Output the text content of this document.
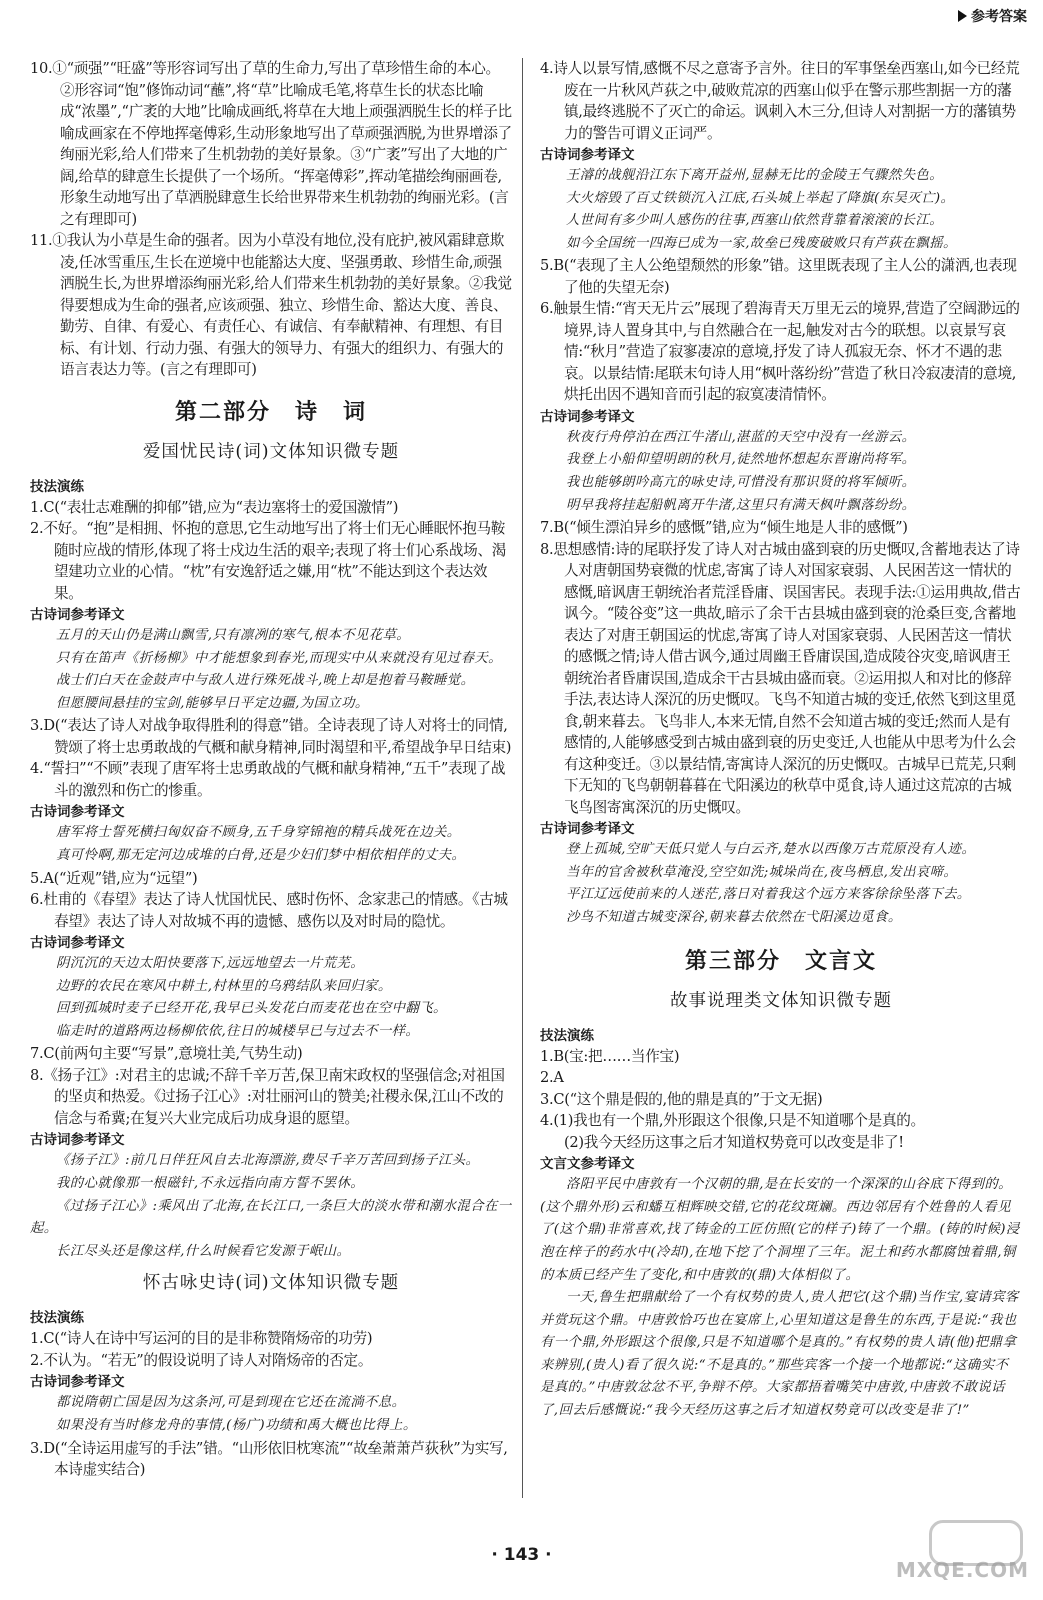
参考答案

10.①“顽强”“旺盛”等形容词写出了草的生命力,写出了草珍惜生命的本心。②形容词“饱”修饰动词“蘸”,将“草”比喻成毛笔,将草生长的状态比喻成“浓墨”,“广袤的大地”比喻成画纸,将草在大地上顽强洒脱生长的样子比喻成画家在不停地挥毫傅彩,生动形象地写出了草顽强洒脱,为世界增添了绚丽光彩,给人们带来了生机勃勃的美好景象。③“广袤”写出了大地的广阔,给草的肆意生长提供了一个场所。“挥毫傅彩”,挥动笔描绘绚丽画卷,形象生动地写出了草洒脱肆意生长给世界带来生机勃勃的绚丽光彩。(言之有理即可)

11.①我认为小草是生命的强者。因为小草没有地位,没有庇护,被风霜肆意欺凌,任冰雪重压,生长在逆境中也能豁达大度、坚强勇敢、珍惜生命,顽强洒脱生长,为世界增添绚丽光彩,给人们带来生机勃勃的美好景象。②我觉得要想成为生命的强者,应该顽强、独立、珍惜生命、豁达大度、善良、勤劳、自律、有爱心、有责任心、有诚信、有奉献精神、有理想、有目标、有计划、行动力强、有强大的领导力、有强大的组织力、有强大的语言表达力等。(言之有理即可)

第二部分　诗　词
爱国忧民诗(词)文体知识微专题

技法演练

1.C(“表壮志难酬的抑郁”错,应为“表边塞将士的爱国激情”)

2.不好。“抱”是相拥、怀抱的意思,它生动地写出了将士们无心睡眠怀抱马鞍随时应战的情形,体现了将士戍边生活的艰辛;表现了将士们心系战场、渴望建功立业的心情。“枕”有安逸舒适之嫌,用“枕”不能达到这个表达效果。

古诗词参考译文

五月的天山仍是满山飘雪,只有凛冽的寒气,根本不见花草。

只有在笛声《折杨柳》中才能想象到春光,而现实中从来就没有见过春天。

战士们白天在金鼓声中与敌人进行殊死战斗,晚上却是抱着马鞍睡觉。

但愿腰间悬挂的宝剑,能够早日平定边疆,为国立功。

3.D(“表达了诗人对战争取得胜利的得意”错。全诗表现了诗人对将士的同情,赞颂了将士忠勇敢战的气概和献身精神,同时渴望和平,希望战争早日结束)

4.“誓扫”“不顾”表现了唐军将士忠勇敢战的气概和献身精神,“五千”表现了战斗的激烈和伤亡的惨重。

古诗词参考译文

唐军将士誓死横扫匈奴奋不顾身,五千身穿锦袍的精兵战死在边关。

真可怜啊,那无定河边成堆的白骨,还是少妇们梦中相依相伴的丈夫。

5.A(“近观”错,应为“远望”)

6.杜甫的《春望》表达了诗人忧国忧民、感时伤怀、念家悲己的情感。《古城春望》表达了诗人对故城不再的遗憾、感伤以及对时局的隐忧。

古诗词参考译文

阴沉沉的天边太阳快要落下,远远地望去一片荒芜。

边野的农民在寒风中耕土,村林里的乌鸦结队来回归家。

回到孤城时麦子已经开花,我早已头发花白而麦花也在空中翻飞。

临走时的道路两边杨柳依依,往日的城楼早已与过去不一样。

7.C(前两句主要“写景”,意境壮美,气势生动)

8.《扬子江》:对君主的忠诚;不辞千辛万苦,保卫南宋政权的坚强信念;对祖国的坚贞和热爱。《过扬子江心》:对壮丽河山的赞美;社稷永保,江山不改的信念与希冀;在复兴大业完成后功成身退的愿望。

古诗词参考译文

《扬子江》:前几日伴狂风自去北海漂游,费尽千辛万苦回到扬子江头。

我的心就像那一根磁针,不永远指向南方誓不罢休。

《过扬子江心》:乘风出了北海,在长江口,一条巨大的淡水带和潮水混合在一起。

长江尽头还是像这样,什么时候看它发源于岷山。

怀古咏史诗(词)文体知识微专题

技法演练

1.C(“诗人在诗中写运河的目的是非称赞隋炀帝的功劳)

2.不认为。“若无”的假设说明了诗人对隋炀帝的否定。

古诗词参考译文

都说隋朝亡国是因为这条河,可是到现在它还在流淌不息。

如果没有当时修龙舟的事情,(杨广)功绩和禹大概也比得上。

3.D(“全诗运用虚写的手法”错。“山形依旧枕寒流”“故垒萧萧芦荻秋”为实写,本诗虚实结合)

4.诗人以景写情,感慨不尽之意寄予言外。往日的军事堡垒西塞山,如今已经荒废在一片秋风芦荻之中,破败荒凉的西塞山似乎在警示那些割据一方的藩镇,最终逃脱不了灭亡的命运。讽刺入木三分,但诗人对割据一方的藩镇势力的警告可谓义正词严。

古诗词参考译文

王濬的战舰沿江东下离开益州,显赫无比的金陵王气骤然失色。

大火熔毁了百丈铁锁沉入江底,石头城上举起了降旗(东吴灭亡)。

人世间有多少叫人感伤的往事,西塞山依然背靠着滚滚的长江。

如今全国统一四海已成为一家,故垒已残废破败只有芦荻在飘摇。

5.B(“表现了主人公绝望颓然的形象”错。这里既表现了主人公的潇洒,也表现了他的失望无奈)

6.触景生情:“宵天无片云”展现了碧海青天万里无云的境界,营造了空阔渺远的境界,诗人置身其中,与自然融合在一起,触发对古今的联想。以哀景写哀情:“秋月”营造了寂寥凄凉的意境,抒发了诗人孤寂无奈、怀才不遇的悲哀。以景结情:尾联末句诗人用“枫叶落纷纷”营造了秋日冷寂凄清的意境,烘托出因不遇知音而引起的寂寞凄清情怀。

古诗词参考译文

秋夜行舟停泊在西江牛渚山,湛蓝的天空中没有一丝游云。

我登上小船仰望明朗的秋月,徒然地怀想起东晋谢尚将军。

我也能够朗吟高亢的咏史诗,可惜没有那识贤的将军倾听。

明早我将挂起船帆离开牛渚,这里只有满天枫叶飘落纷纷。

7.B(“倾生漂泊异乡的感慨”错,应为“倾生地是人非的感慨”)

8.思想感情:诗的尾联抒发了诗人对古城由盛到衰的历史慨叹,含蓄地表达了诗人对唐朝国势衰微的忧虑,寄寓了诗人对国家衰弱、人民困苦这一情状的感慨,暗讽唐王朝统治者荒淫昏庸、误国害民。表现手法:①运用典故,借古讽今。“陵谷变”这一典故,暗示了余干古县城由盛到衰的沧桑巨变,含蓄地表达了对唐王朝国运的忧虑,寄寓了诗人对国家衰弱、人民困苦这一情状的感慨之情;诗人借古讽今,通过周幽王昏庸误国,造成陵谷灾变,暗讽唐王朝统治者昏庸误国,造成余干古县城由盛而衰。②运用拟人和对比的修辞手法,表达诗人深沉的历史慨叹。飞鸟不知道古城的变迁,依然飞到这里觅食,朝来暮去。飞鸟非人,本来无情,自然不会知道古城的变迁;然而人是有感情的,人能够感受到古城由盛到衰的历史变迁,人也能从中思考为什么会有这种变迁。③以景结情,寄寓诗人深沉的历史慨叹。古城早已荒芜,只剩下无知的飞鸟朝朝暮暮在弋阳溪边的秋草中觅食,诗人通过这荒凉的古城飞鸟图寄寓深沉的历史慨叹。

古诗词参考译文

登上孤城,空旷天低只觉人与白云齐,楚水以西像万古荒原没有人迹。

当年的官舍被秋草淹没,空空如洗;城垛尚在,夜鸟栖息,发出哀啼。

平江辽远使前来的人迷茫,落日对着我这个远方来客徐徐坠落下去。

沙鸟不知道古城变深谷,朝来暮去依然在弋阳溪边觅食。

第三部分　文言文
故事说理类文体知识微专题

技法演练

1.B(宝:把……当作宝)

2.A

3.C(“这个鼎是假的,他的鼎是真的”于文无据)

4.(1)我也有一个鼎,外形跟这个很像,只是不知道哪个是真的。

(2)我今天经历这事之后才知道权势竟可以改变是非了!

文言文参考译文

洛阳平民中唐敦有一个汉朝的鼎,是在长安的一个深深的山谷底下得到的。(这个鼎外形)云和蟠互相辉映交错,它的花纹斑斓。西边邻居有个姓鲁的人看见了(这个鼎)非常喜欢,找了铸金的工匠仿照(它的样子)铸了一个鼎。(铸的时候)浸泡在梓子的药水中(冷却),在地下挖了个洞埋了三年。泥土和药水都腐蚀着鼎,铜的本质已经产生了变化,和中唐敦的(鼎)大体相似了。

一天,鲁生把鼎献给了一个有权势的贵人,贵人把它(这个鼎)当作宝,宴请宾客并赏玩这个鼎。中唐敦恰巧也在宴席上,心里知道这是鲁生的东西,于是说:“我也有一个鼎,外形跟这个很像,只是不知道哪个是真的。”有权势的贵人请(他)把鼎拿来辨别,(贵人)看了很久说:“不是真的。”那些宾客一个接一个地都说:“这确实不是真的。”中唐敦忿忿不平,争辩不停。大家都捂着嘴笑中唐敦,中唐敦不敢说话了,回去后感慨说:“我今天经历这事之后才知道权势竟可以改变是非了!”

· 143 ·
MXQE.COM
